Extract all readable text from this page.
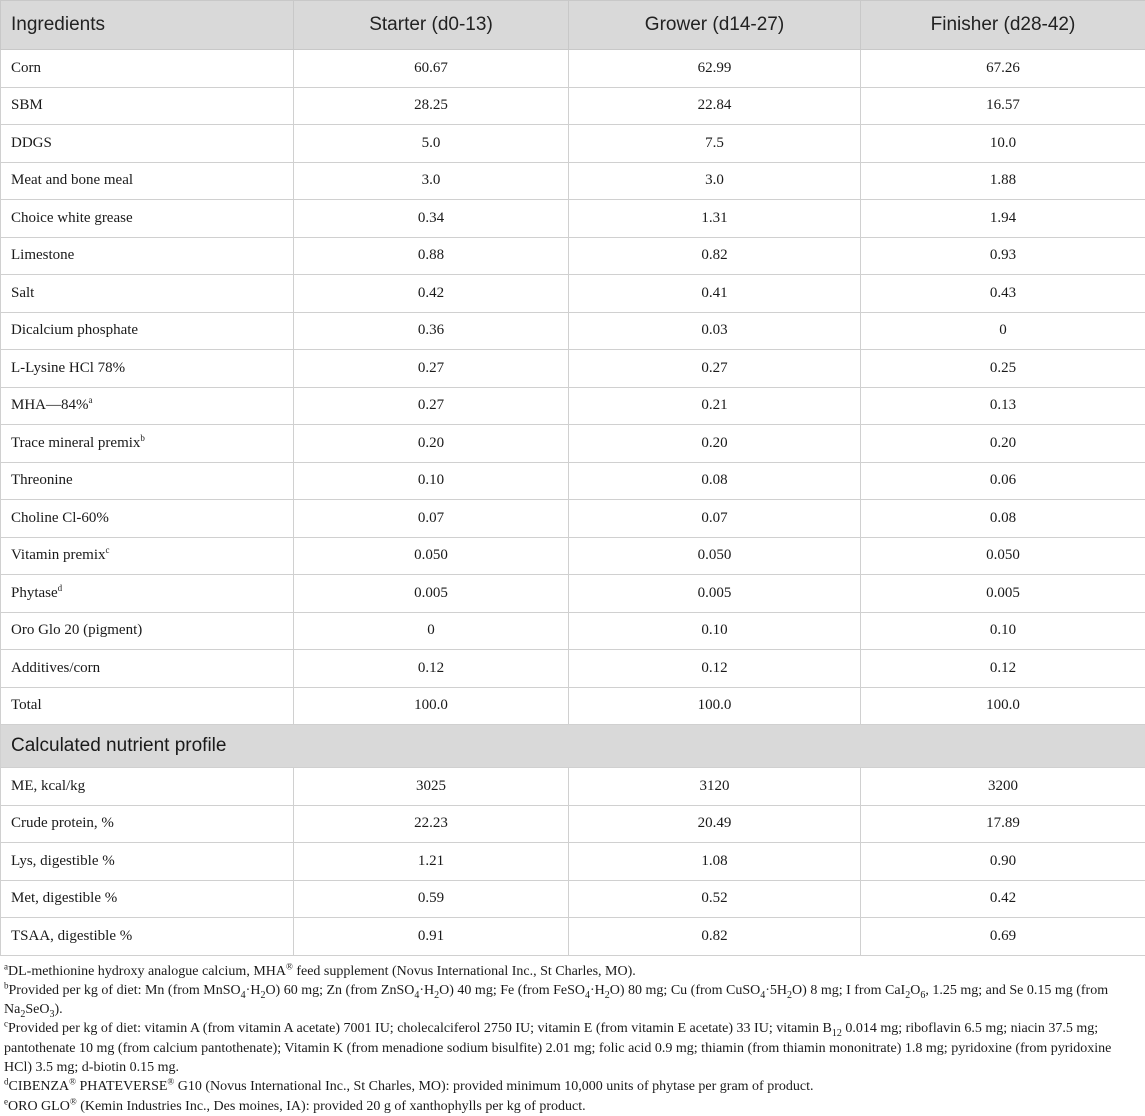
Ingredients	Starter (d0-13)	Grower (d14-27)	Finisher (d28-42)
Corn	60.67	62.99	67.26
SBM	28.25	22.84	16.57
DDGS	5.0	7.5	10.0
Meat and bone meal	3.0	3.0	1.88
Choice white grease	0.34	1.31	1.94
Limestone	0.88	0.82	0.93
Salt	0.42	0.41	0.43
Dicalcium phosphate	0.36	0.03	0
L-Lysine HCl 78%	0.27	0.27	0.25
MHA—84%$^a$	0.27	0.21	0.13
Trace mineral premix$^b$	0.20	0.20	0.20
Threonine	0.10	0.08	0.06
Choline Cl-60%	0.07	0.07	0.08
Vitamin premix$^c$	0.050	0.050	0.050
Phytase$^d$	0.005	0.005	0.005
Oro Glo 20 (pigment)	0	0.10	0.10
Additives/corn	0.12	0.12	0.12
Total	100.0	100.0	100.0
Calculated nutrient profile			
ME, kcal/kg	3025	3120	3200
Crude protein, %	22.23	20.49	17.89
Lys, digestible %	1.21	1.08	0.90
Met, digestible %	0.59	0.52	0.42
TSAA, digestible %	0.91	0.82	0.69

$^a$DL-methionine hydroxy analogue calcium, MHA® feed supplement (Novus International Inc., St Charles, MO).

$^b$Provided per kg of diet: Mn (from $MnSO_4\cdot H_2O$) 60 mg; Zn (from $ZnSO_4\cdot H_2O$) 40 mg; Fe (from $FeSO_4\cdot H_2O$) 80 mg; Cu (from $CuSO_4\cdot 5H_2O$) 8 mg; I from $CaI_2O_6$, 1.25 mg; and Se 0.15 mg (from $Na_2SeO_3$).

$^c$Provided per kg of diet: vitamin A (from vitamin A acetate) 7001 IU; cholecalciferol 2750 IU; vitamin E (from vitamin E acetate) 33 IU; vitamin $B_{12}$ 0.014 mg; riboflavin 6.5 mg; niacin 37.5 mg; pantothenate 10 mg (from calcium pantothenate); Vitamin K (from menadione sodium bisulfite) 2.01 mg; folic acid 0.9 mg; thiamin (from thiamin mononitrate) 1.8 mg; pyridoxine (from pyridoxine HCl) 3.5 mg; d-biotin 0.15 mg.

$^d$CIBENZA® PHATEVERSE® G10 (Novus International Inc., St Charles, MO): provided minimum 10,000 units of phytase per gram of product.

$^e$ORO GLO® (Kemin Industries Inc., Des moines, IA): provided 20 g of xanthophylls per kg of product.
